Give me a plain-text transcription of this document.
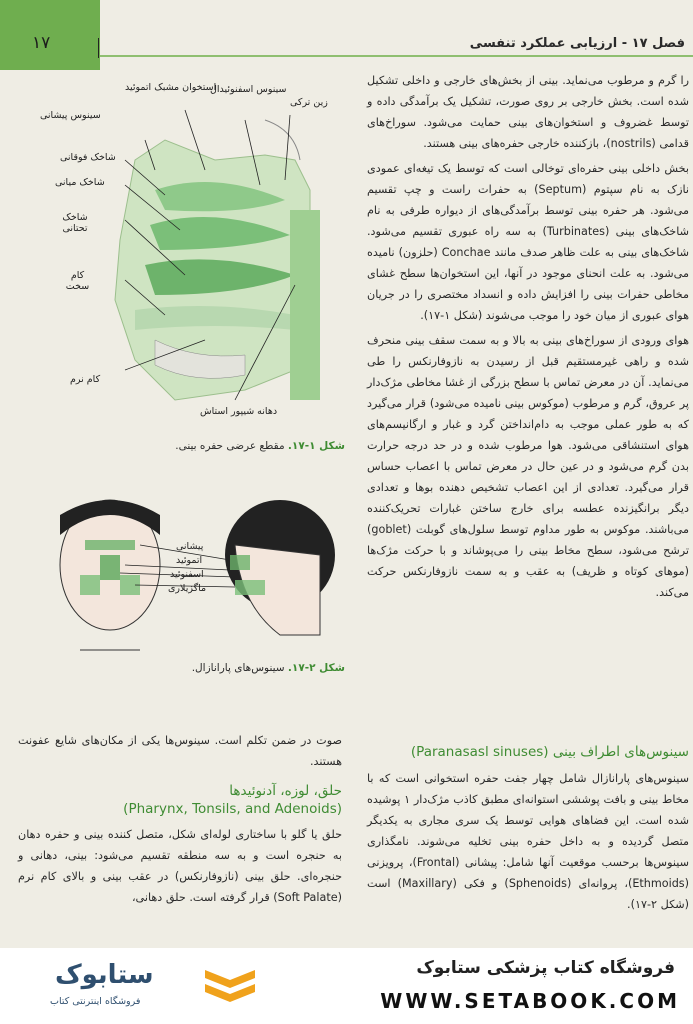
۱۷	فصل ۱۷ - ارزیابی عملکرد تنفسی

را گرم و مرطوب می‌نماید. بینی از بخش‌های خارجی و داخلی تشکیل شده است. بخش خارجی بر روی صورت، تشکیل یک برآمدگی داده و توسط غضروف و استخوان‌های بینی حمایت می‌شود. سوراخ‌های قدامی (nostrils)، بازکننده خارجی حفره‌های بینی هستند.

بخش داخلی بینی حفره‌ای توخالی است که توسط یک تیغه‌ای عمودی نازک به نام سپتوم (Septum) به حفرات راست و چپ تقسیم می‌شود. هر حفره بینی توسط برآمدگی‌های از دیواره طرفی به نام شاخک‌های بینی (Turbinates) به سه راه عبوری تقسیم می‌شود. شاخک‌های بینی به علت ظاهر صدف مانند Conchae (حلزون) نامیده می‌شود. به علت انحنای موجود در آنها، این استخوان‌ها سطح غشای مخاطی حفرات بینی را افزایش داده و انسداد مختصری را در جریان هوای عبوری از میان خود را موجب می‌شوند (شکل ۱-۱۷).

هوای ورودی از سوراخ‌های بینی به بالا و به سمت سقف بینی منحرف شده و راهی غیرمستقیم قبل از رسیدن به نازوفارنکس را طی می‌نماید. آن در معرض تماس با سطح بزرگی از غشا مخاطی مژک‌دار پر عروق، گرم و مرطوب (موکوس بینی نامیده می‌شود) قرار می‌گیرد که به طور عملی موجب به دام‌انداختن گرد و غبار و ارگانیسم‌های هوای استنشاقی می‌شود. هوا مرطوب شده و در حد درجه حرارت بدن گرم می‌شود و در عین حال در معرض تماس با اعصاب حساس قرار می‌گیرد. تعدادی از این اعصاب تشخیص دهنده بوها و تعدادی دیگر برانگیزنده عطسه برای خارج ساختن غبارات تحریک‌کننده می‌باشند. موکوس به طور مداوم توسط سلول‌های گوبلت (goblet) ترشح می‌شود، سطح مخاط بینی را می‌پوشاند و با حرکت مژک‌ها (موهای کوتاه و ظریف) به عقب و به سمت نازوفارنکس حرکت می‌کند.

سینوس‌های اطراف بینی (Paranasasl sinuses)

سینوس‌های پارانازال شامل چهار جفت حفره استخوانی است که با مخاط بینی و بافت پوششی استوانه‌ای مطبق کاذب مژک‌دار ۱ پوشیده شده است. این فضاهای هوایی توسط یک سری مجاری به یکدیگر متصل گردیده و به داخل حفره بینی تخلیه می‌شوند. نامگذاری سینوس‌ها برحسب موقعیت آنها شامل: پیشانی (Frontal)، پرویزنی (Ethmoids)، پروانه‌ای (Sphenoids) و فکی (Maxillary) است (شکل ۲-۱۷).

استخوان مشبک اتموئید
سینوس اسفنوئیدال
زین ترکی
سینوس پیشانی
شاخک فوقانی
شاخک میانی
شاخک تحتانی
کام سخت
کام نرم
دهانه شیپور استاش
شکل ۱-۱۷. مقطع عرضی حفره بینی.
پیشانی
اتموئید
اسفنوئید
ماگزیلاری
شکل ۲-۱۷. سینوس‌های پارانازال.

صوت در ضمن تکلم است. سینوس‌ها یکی از مکان‌های شایع عفونت هستند.

حلق، لوزه، آدنوئیدها
(Pharynx, Tonsils, and Adenoids)

حلق یا گلو با ساختاری لوله‌ای شکل، متصل کننده بینی و حفره دهان به حنجره است و به سه منطقه تقسیم می‌شود: بینی، دهانی و حنجره‌ای. حلق بینی (نازوفارنکس) در عقب بینی و بالای کام نرم (Soft Palate) قرار گرفته است. حلق دهانی،

ستابوک
فروشگاه اینترنتی کتاب
فروشگاه کتاب پزشکی ستابوک
WWW.SETABOOK.COM
